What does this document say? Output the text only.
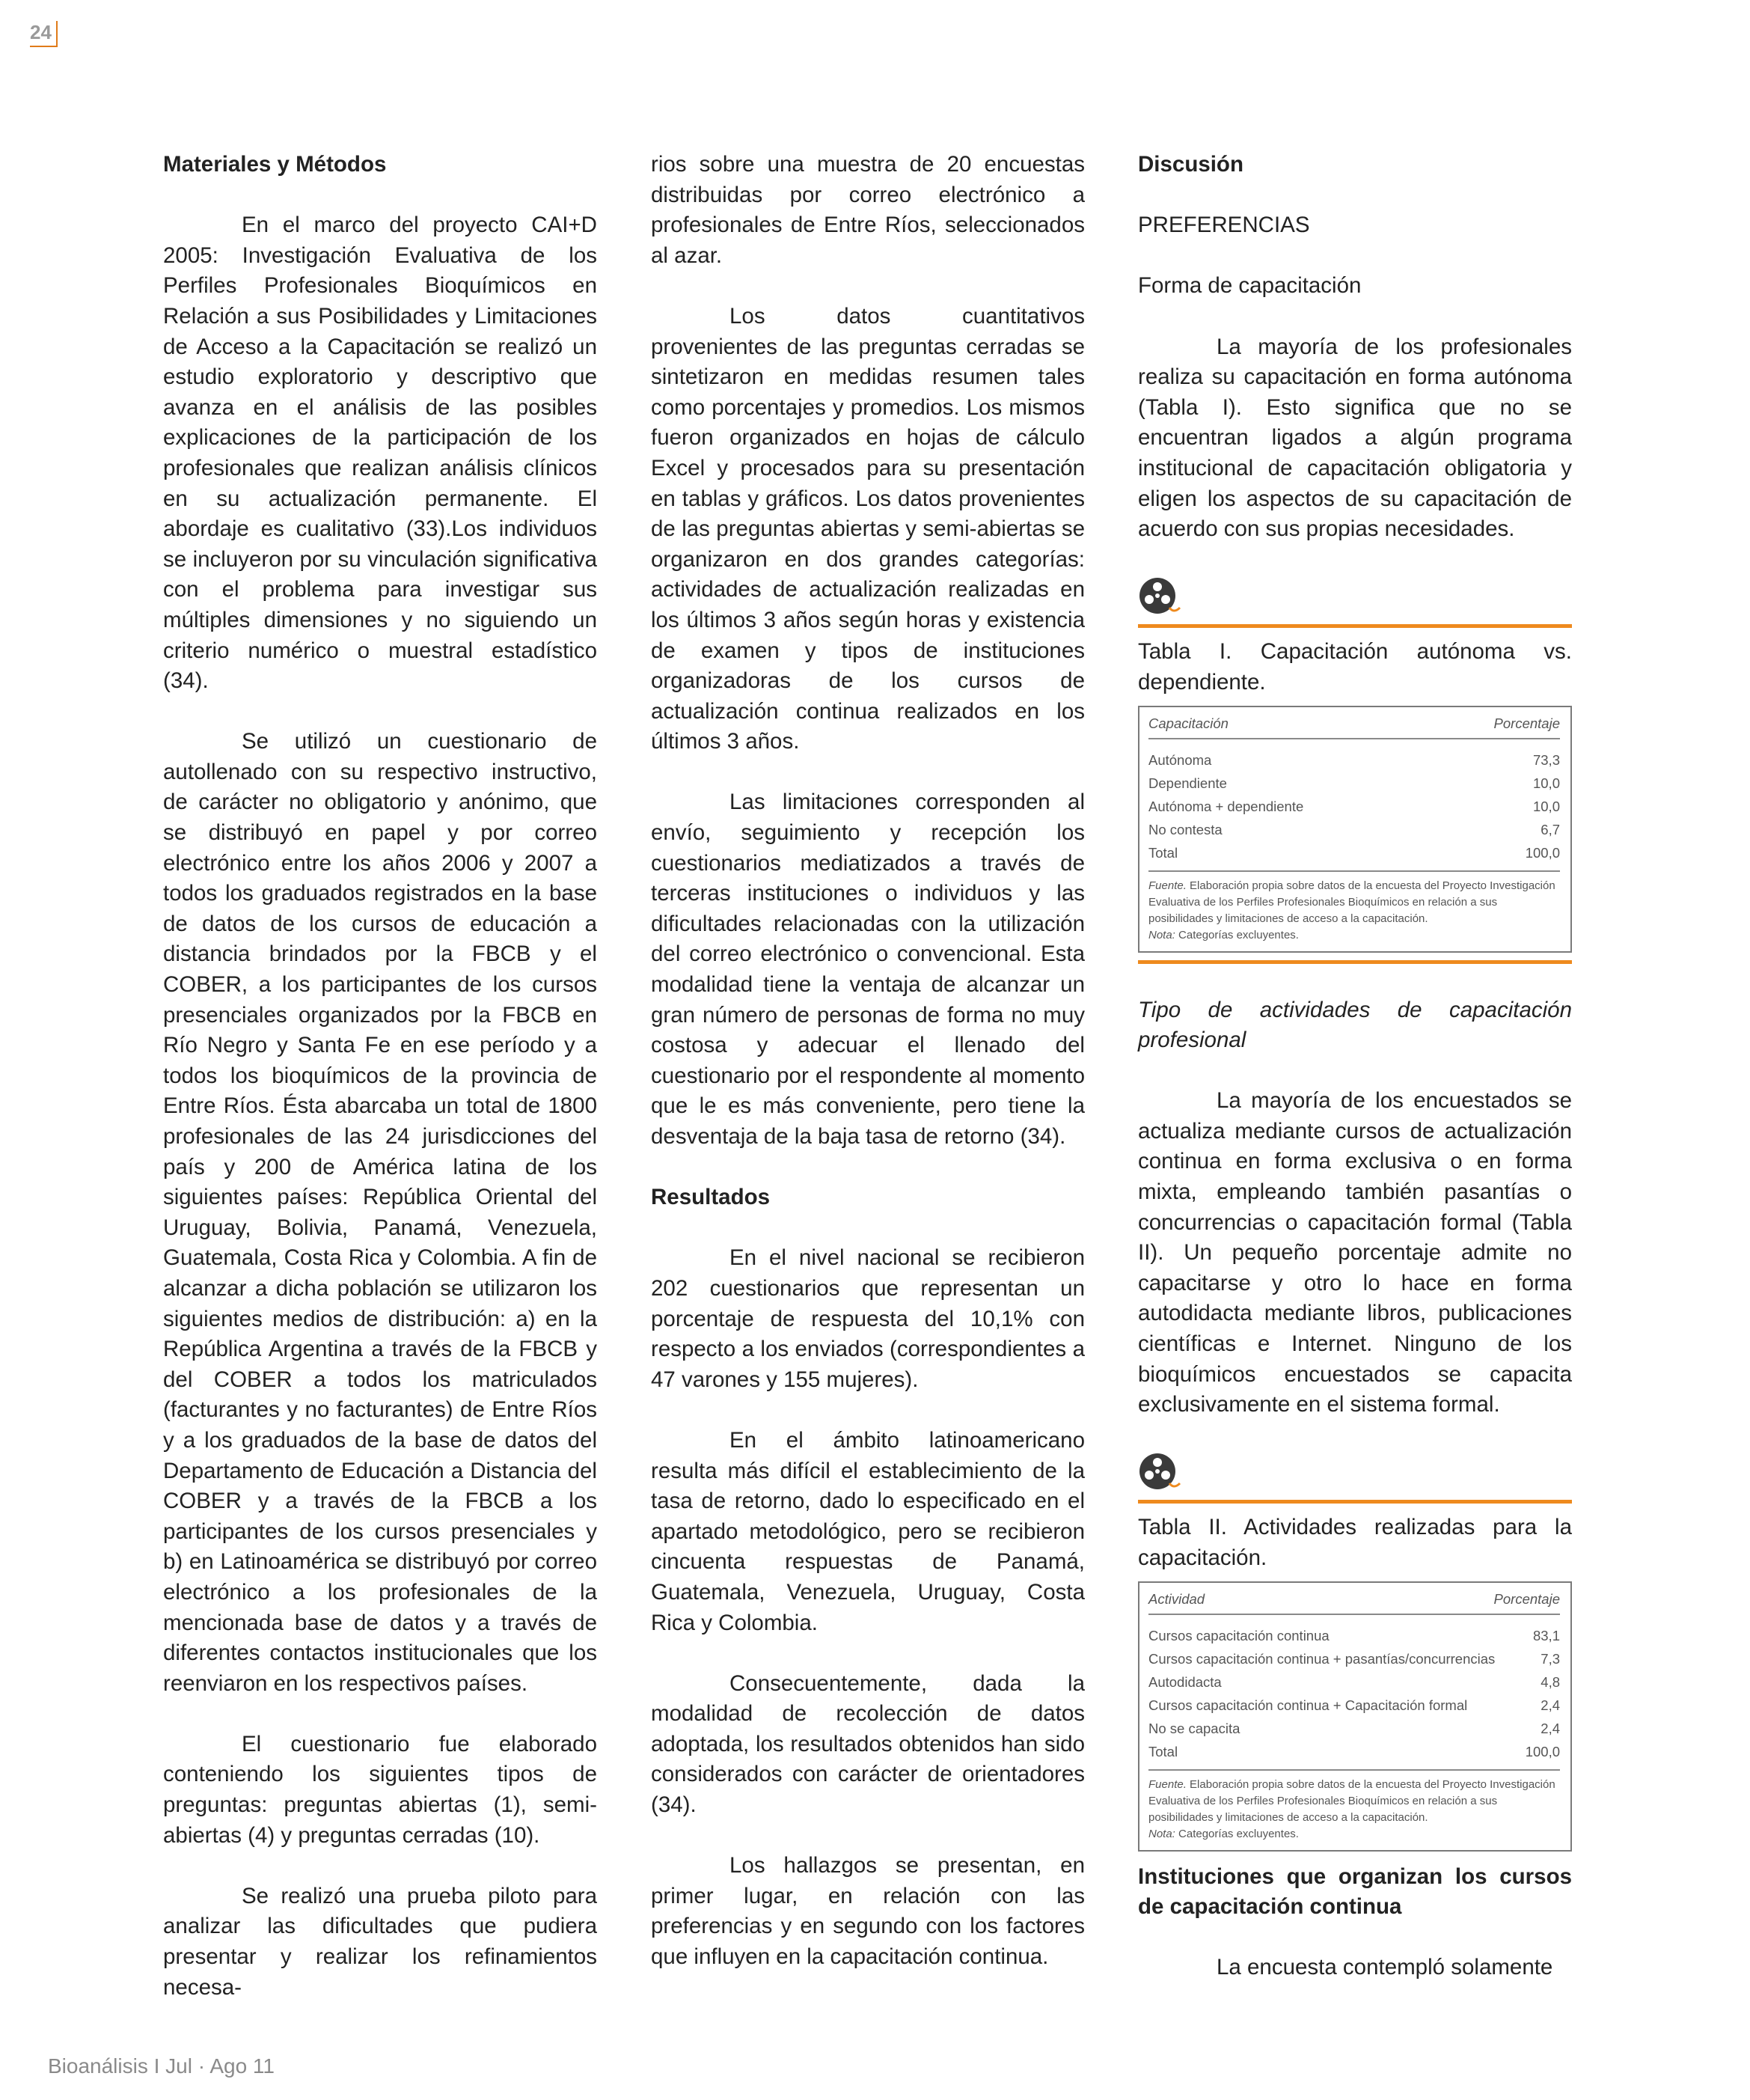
24

Materiales y Métodos

En el marco del proyecto CAI+D 2005: Investigación Evaluativa de los Perfiles Profesionales Bioquímicos en Relación a sus Posibilidades y Limitaciones de Acceso a la Capacitación se realizó un estudio exploratorio y descriptivo que avanza en el análisis de las posibles explicaciones de la participación de los profesionales que realizan análisis clínicos en su actualización permanente. El abordaje es cualitativo (33).Los individuos se incluyeron por su vinculación significativa con el problema para investigar sus múltiples dimensiones y no siguiendo un criterio numérico o muestral estadístico (34).

Se utilizó un cuestionario de autollenado con su respectivo instructivo, de carácter no obligatorio y anónimo, que se distribuyó en papel y por correo electrónico entre los años 2006 y 2007 a todos los graduados registrados en la base de datos de los cursos de educación a distancia brindados por la FBCB y el COBER, a los participantes de los cursos presenciales organizados por la FBCB en Río Negro y Santa Fe en ese período y a todos los bioquímicos de la provincia de Entre Ríos. Ésta abarcaba un total de 1800 profesionales de las 24 jurisdicciones del país y 200 de América latina de los siguientes países: República Oriental del Uruguay, Bolivia, Panamá, Venezuela, Guatemala, Costa Rica y Colombia. A fin de alcanzar a dicha población se utilizaron los siguientes medios de distribución: a) en la República Argentina a través de la FBCB y del COBER a todos los matriculados (facturantes y no facturantes) de Entre Ríos y a los graduados de la base de datos del Departamento de Educación a Distancia del COBER y a través de la FBCB a los participantes de los cursos presenciales y b) en Latinoamérica se distribuyó por correo electrónico a los profesionales de la mencionada base de datos y a través de diferentes contactos institucionales que los reenviaron en los respectivos países.

El cuestionario fue elaborado conteniendo los siguientes tipos de preguntas: preguntas abiertas (1), semi-abiertas (4) y preguntas cerradas (10).

Se realizó una prueba piloto para analizar las dificultades que pudiera presentar y realizar los refinamientos necesa-

rios sobre una muestra de 20 encuestas distribuidas por correo electrónico a profesionales de Entre Ríos, seleccionados al azar.

Los datos cuantitativos provenientes de las preguntas cerradas se sintetizaron en medidas resumen tales como porcentajes y promedios. Los mismos fueron organizados en hojas de cálculo Excel y procesados para su presentación en tablas y gráficos. Los datos provenientes de las preguntas abiertas y semi-abiertas se organizaron en dos grandes categorías: actividades de actualización realizadas en los últimos 3 años según horas y existencia de examen y tipos de instituciones organizadoras de los cursos de actualización continua realizados en los últimos 3 años.

Las limitaciones corresponden al envío, seguimiento y recepción los cuestionarios mediatizados a través de terceras instituciones o individuos y las dificultades relacionadas con la utilización del correo electrónico o convencional. Esta modalidad tiene la ventaja de alcanzar un gran número de personas de forma no muy costosa y adecuar el llenado del cuestionario por el respondente al momento que le es más conveniente, pero tiene la desventaja de la baja tasa de retorno (34).

Resultados

En el nivel nacional se recibieron 202 cuestionarios que representan un porcentaje de respuesta del 10,1% con respecto a los enviados (correspondientes a 47 varones y 155 mujeres).

En el ámbito latinoamericano resulta más difícil el establecimiento de la tasa de retorno, dado lo especificado en el apartado metodológico, pero se recibieron cincuenta respuestas de Panamá, Guatemala, Venezuela, Uruguay, Costa Rica y Colombia.

Consecuentemente, dada la modalidad de recolección de datos adoptada, los resultados obtenidos han sido considerados con carácter de orientadores (34).

Los hallazgos se presentan, en primer lugar, en relación con las preferencias y en segundo con los factores que influyen en la capacitación continua.

Discusión

PREFERENCIAS

Forma de capacitación

La mayoría de los profesionales realiza su capacitación en forma autónoma (Tabla I). Esto significa que no se encuentran ligados a algún programa institucional de capacitación obligatoria y eligen los aspectos de su capacitación de acuerdo con sus propias necesidades.

Tabla I. Capacitación autónoma vs. dependiente.

Capacitación	Porcentaje
Autónoma	73,3
Dependiente	10,0
Autónoma + dependiente	10,0
No contesta	6,7
Total	100,0
Fuente. Elaboración propia sobre datos de la encuesta del Proyecto Investigación Evaluativa de los Perfiles Profesionales Bioquímicos en relación a sus posibilidades y limitaciones de acceso a la capacitación.
Nota: Categorías excluyentes.

Tipo de actividades de capacitación profesional

La mayoría de los encuestados se actualiza mediante cursos de actualización continua en forma exclusiva o en forma mixta, empleando también pasantías o concurrencias o capacitación formal (Tabla II). Un pequeño porcentaje admite no capacitarse y otro lo hace en forma autodidacta mediante libros, publicaciones científicas e Internet. Ninguno de los bioquímicos encuestados se capacita exclusivamente en el sistema formal.

Tabla II. Actividades realizadas para la capacitación.

Actividad	Porcentaje
Cursos capacitación continua	83,1
Cursos capacitación continua + pasantías/concurrencias	7,3
Autodidacta	4,8
Cursos capacitación continua + Capacitación formal	2,4
No se capacita	2,4
Total	100,0
Fuente. Elaboración propia sobre datos de la encuesta del Proyecto Investigación Evaluativa de los Perfiles Profesionales Bioquímicos en relación a sus posibilidades y limitaciones de acceso a la capacitación.
Nota: Categorías excluyentes.

Instituciones que organizan los cursos de capacitación continua

La encuesta contempló solamente

Bioanálisis I Jul · Ago 11
